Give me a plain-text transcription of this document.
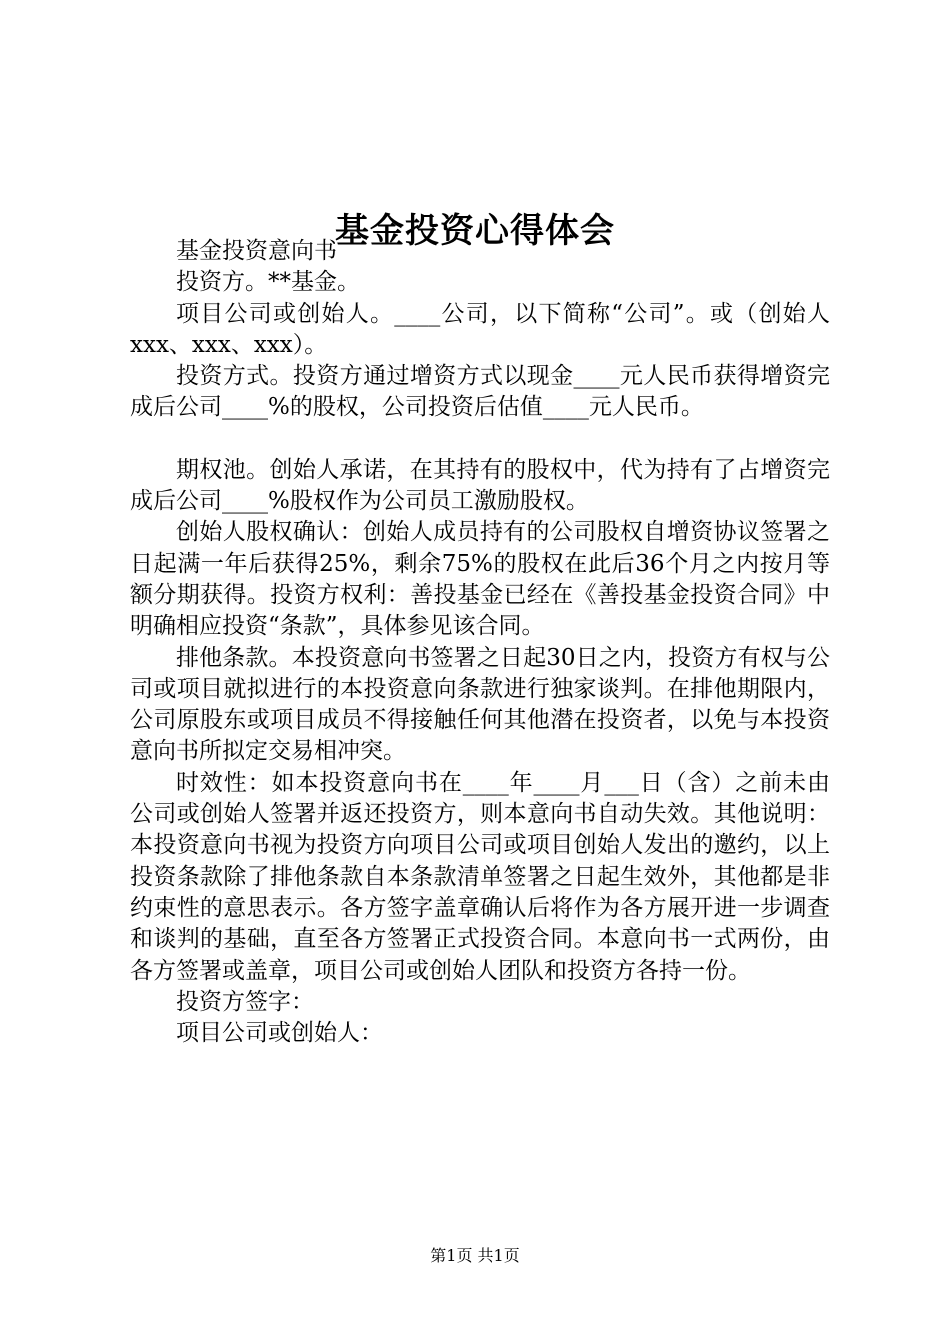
基金投资心得体会

基金投资意向书

投资方。**基金。

项目公司或创始人。____公司，以下简称“公司”。或（创始人xxx、xxx、xxx）。

投资方式。投资方通过增资方式以现金____元人民币获得增资完成后公司____%的股权，公司投资后估值____元人民币。

期权池。创始人承诺，在其持有的股权中，代为持有了占增资完成后公司____%股权作为公司员工激励股权。

创始人股权确认：创始人成员持有的公司股权自增资协议签署之日起满一年后获得25%，剩余75%的股权在此后36个月之内按月等额分期获得。投资方权利：善投基金已经在《善投基金投资合同》中明确相应投资“条款”，具体参见该合同。

排他条款。本投资意向书签署之日起30日之内，投资方有权与公司或项目就拟进行的本投资意向条款进行独家谈判。在排他期限内，公司原股东或项目成员不得接触任何其他潜在投资者，以免与本投资意向书所拟定交易相冲突。

时效性：如本投资意向书在____年____月___日（含）之前未由公司或创始人签署并返还投资方，则本意向书自动失效。其他说明：本投资意向书视为投资方向项目公司或项目创始人发出的邀约，以上投资条款除了排他条款自本条款清单签署之日起生效外，其他都是非约束性的意思表示。各方签字盖章确认后将作为各方展开进一步调查和谈判的基础，直至各方签署正式投资合同。本意向书一式两份，由各方签署或盖章，项目公司或创始人团队和投资方各持一份。

投资方签字：

项目公司或创始人：

第1页 共1页
